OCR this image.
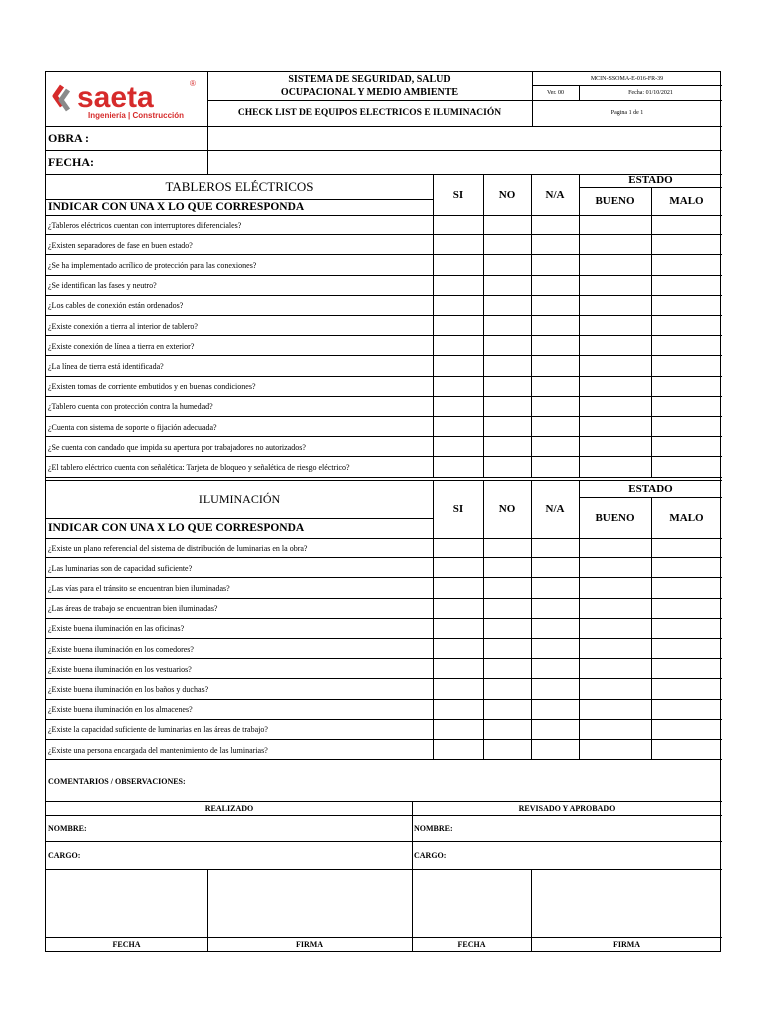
saeta	®
Ingeniería | Construcción
SISTEMA DE SEGURIDAD, SALUD OCUPACIONAL Y MEDIO AMBIENTE
CHECK LIST DE EQUIPOS ELECTRICOS E ILUMINACIÓN
MCIN-SSOMA-E-016-FR-39
Ver. 00	Fecha: 01/10/2021
Pagina 1 de 1
OBRA :
FECHA:
TABLEROS ELÉCTRICOS
INDICAR CON UNA X LO QUE CORRESPONDA
SI	NO	N/A
ESTADO
BUENO	MALO
¿Tableros eléctricos cuentan con interruptores diferenciales?
¿Existen separadores de fase en buen estado?
¿Se ha implementado acrílico de protección para las conexiones?
¿Se identifican las fases y neutro?
¿Los cables de conexión están ordenados?
¿Existe conexión a tierra al interior de tablero?
¿Existe conexión de línea a tierra en exterior?
¿La línea de tierra está identificada?
¿Existen tomas de corriente embutidos y en buenas condiciones?
¿Tablero cuenta con protección contra la humedad?
¿Cuenta con sistema de soporte o fijación adecuada?
¿Se cuenta con candado que impida su apertura por trabajadores no autorizados?
¿El tablero eléctrico cuenta con señalética: Tarjeta de bloqueo y señalética de riesgo eléctrico?
ILUMINACIÓN
INDICAR CON UNA X LO QUE CORRESPONDA
SI	NO	N/A
ESTADO
BUENO	MALO
¿Existe un plano referencial del sistema de distribución de luminarias en la obra?
¿Las luminarias son de capacidad suficiente?
¿Las vías para el tránsito se encuentran bien iluminadas?
¿Las áreas de trabajo se encuentran bien iluminadas?
¿Existe buena iluminación en las oficinas?
¿Existe buena iluminación en los comedores?
¿Existe buena iluminación en los vestuarios?
¿Existe buena iluminación en los baños y duchas?
¿Existe buena iluminación en los almacenes?
¿Existe la capacidad suficiente de luminarias en las áreas de trabajo?
¿Existe una persona encargada del mantenimiento de las luminarias?
COMENTARIOS / OBSERVACIONES:
REALIZADO	REVISADO Y APROBADO
NOMBRE:	NOMBRE:
CARGO:	CARGO:
FECHA	FIRMA	FECHA	FIRMA
